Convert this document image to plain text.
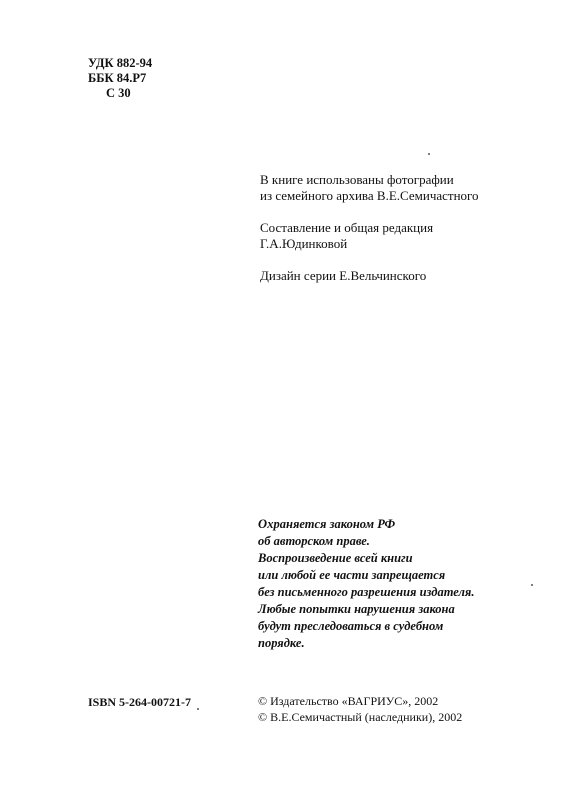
УДК 882-94
ББК 84.Р7
С 30

В книге использованы фотографии
из семейного архива В.Е.Семичастного

Составление и общая редакция
Г.А.Юдинковой

Дизайн серии Е.Вельчинского

Охраняется законом РФ
об авторском праве.
Воспроизведение всей книги
или любой ее части запрещается
без письменного разрешения издателя.
Любые попытки нарушения закона
будут преследоваться в судебном
порядке.
ISBN 5-264-00721-7	© Издательство «ВАГРИУС», 2002
© В.Е.Семичастный (наследники), 2002
